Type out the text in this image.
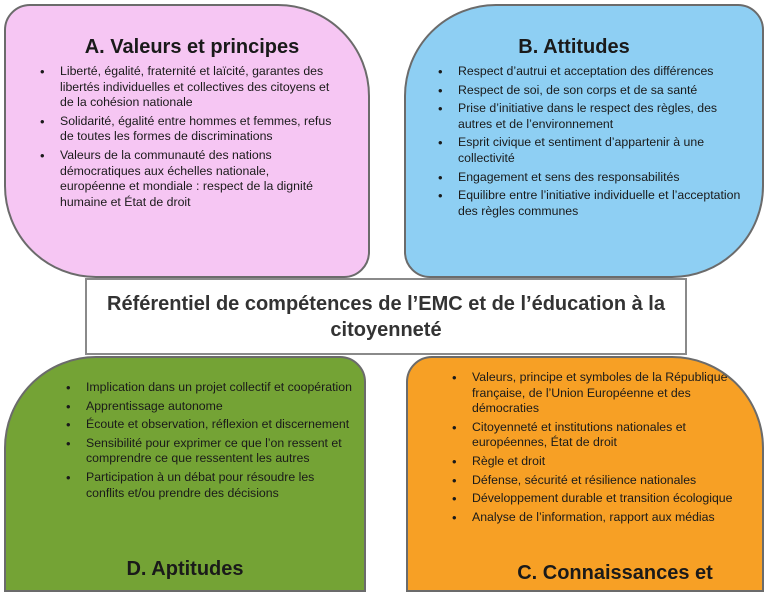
A. Valeurs et principes
• Liberté, égalité, fraternité et laïcité, garantes des libertés individuelles et collectives des citoyens et de la cohésion nationale
• Solidarité, égalité entre hommes et femmes, refus de toutes les formes de discriminations
• Valeurs de la communauté des nations démocratiques aux échelles nationale, européenne et mondiale : respect de la dignité humaine et État de droit
B. Attitudes
• Respect d’autrui et acceptation des différences
• Respect de soi, de son corps et de sa santé
• Prise d’initiative dans le respect des règles, des autres et de l’environnement
• Esprit civique et sentiment d’appartenir à une collectivité
• Engagement et sens des responsabilités
• Equilibre entre l’initiative individuelle et l’acceptation des règles communes
• Implication dans un projet collectif et coopération
• Apprentissage autonome
• Écoute et observation, réflexion et discernement
• Sensibilité pour exprimer ce que l’on ressent et comprendre ce que ressentent les autres
• Participation à un débat pour résoudre les conflits et/ou prendre des décisions
D. Aptitudes
• Valeurs, principe et symboles de la République française, de l’Union Européenne et des démocraties
• Citoyenneté et institutions nationales et européennes, État de droit
• Règle et droit
• Défense, sécurité et résilience nationales
• Développement durable et transition écologique
• Analyse de l’information, rapport aux médias
C. Connaissances et
Référentiel de compétences de l’EMC et de l’éducation à la citoyenneté
